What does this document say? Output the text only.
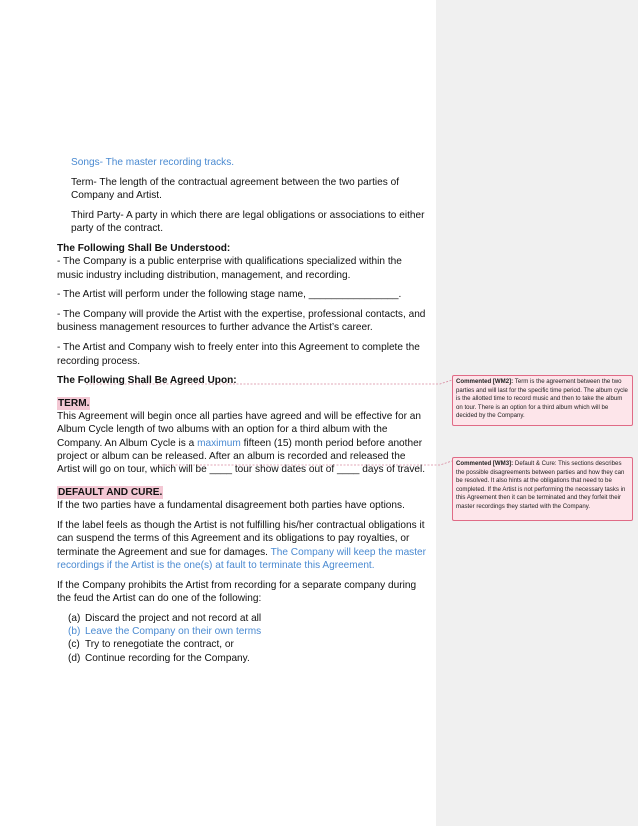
Songs- The master recording tracks.

Term- The length of the contractual agreement between the two parties of Company and Artist.

Third Party- A party in which there are legal obligations or associations to either party of the contract.

The Following Shall Be Understood:

- The Company is a public enterprise with qualifications specialized within the music industry including distribution, management, and recording.

- The Artist will perform under the following stage name, ________________.

- The Company will provide the Artist with the expertise, professional contacts, and business management resources to further advance the Artist’s career.

- The Artist and Company wish to freely enter into this Agreement to complete the recording process.

The Following Shall Be Agreed Upon:

TERM.

This Agreement will begin once all parties have agreed and will be effective for an Album Cycle length of two albums with an option for a third album with the Company. An Album Cycle is a maximum fifteen (15) month period before another project or album can be released. After an album is recorded and released the Artist will go on tour, which will be ____ tour show dates out of ____ days of travel.

DEFAULT AND CURE.

If the two parties have a fundamental disagreement both parties have options.

If the label feels as though the Artist is not fulfilling his/her contractual obligations it can suspend the terms of this Agreement and its obligations to pay royalties, or terminate the Agreement and sue for damages. The Company will keep the master recordings if the Artist is the one(s) at fault to terminate this Agreement.

If the Company prohibits the Artist from recording for a separate company during the feud the Artist can do one of the following:

(a) Discard the project and not record at all
(b) Leave the Company on their own terms
(c) Try to renegotiate the contract, or
(d) Continue recording for the Company.
Commented [WM2]: Term is the agreement between the two parties and will last for the specific time period. The album cycle is the allotted time to record music and then to take the album on tour. There is an option for a third album which will be decided by the Company.
Commented [WM3]: Default & Cure: This sections describes the possible disagreements between parties and how they can be resolved. It also hints at the obligations that need to be completed. If the Artist is not performing the necessary tasks in this Agreement then it can be terminated and they forfeit their master recordings they started with the Company.
